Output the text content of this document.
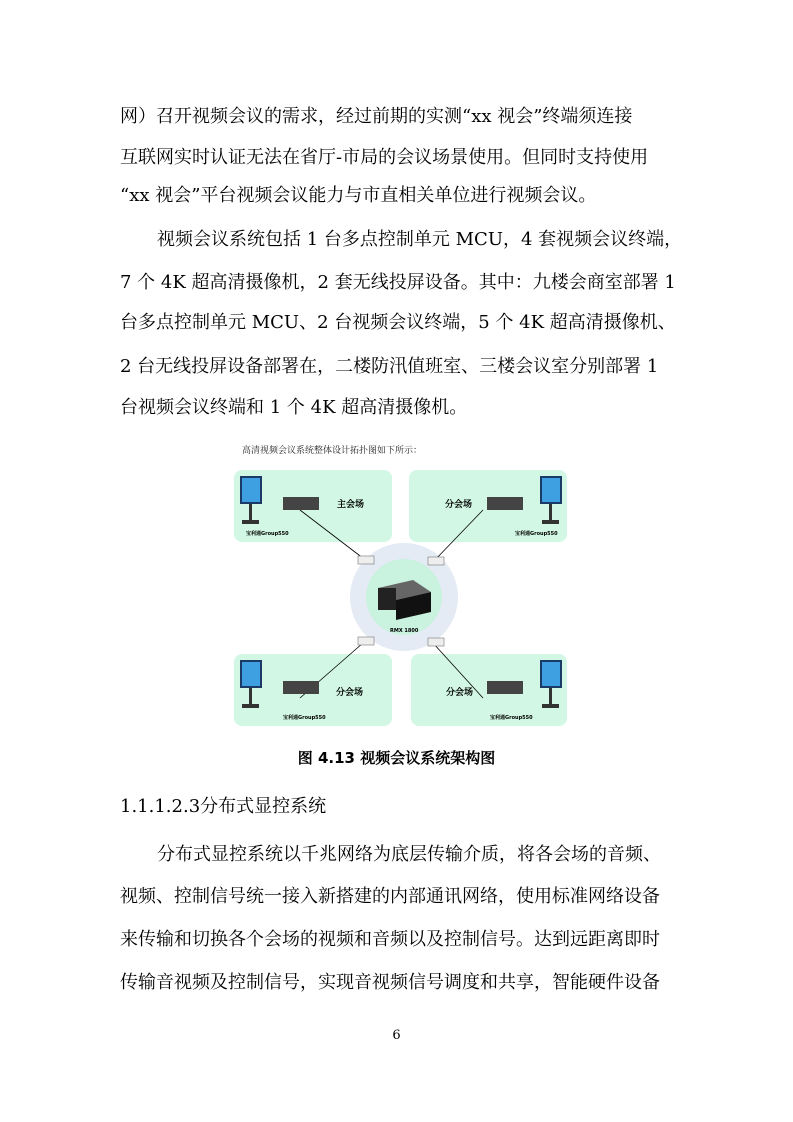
网）召开视频会议的需求，经过前期的实测“xx 视会”终端须连接
互联网实时认证无法在省厅-市局的会议场景使用。但同时支持使用
“xx 视会”平台视频会议能力与市直相关单位进行视频会议。
视频会议系统包括 1 台多点控制单元 MCU，4 套视频会议终端，
7 个 4K 超高清摄像机，2 套无线投屏设备。其中：九楼会商室部署 1
台多点控制单元 MCU、2 台视频会议终端，5 个 4K 超高清摄像机、
2 台无线投屏设备部署在，二楼防汛值班室、三楼会议室分别部署 1
台视频会议终端和 1 个 4K 超高清摄像机。
高清视频会议系统整体设计拓扑图如下所示：
主会场	分会场
分会场	分会场
宝利通Group550	宝利通Group550
宝利通Group550	宝利通Group550
RMX 1800
图 4.13 视频会议系统架构图
1.1.1.2.3分布式显控系统
分布式显控系统以千兆网络为底层传输介质，将各会场的音频、
视频、控制信号统一接入新搭建的内部通讯网络，使用标准网络设备
来传输和切换各个会场的视频和音频以及控制信号。达到远距离即时
传输音视频及控制信号，实现音视频信号调度和共享，智能硬件设备
6
